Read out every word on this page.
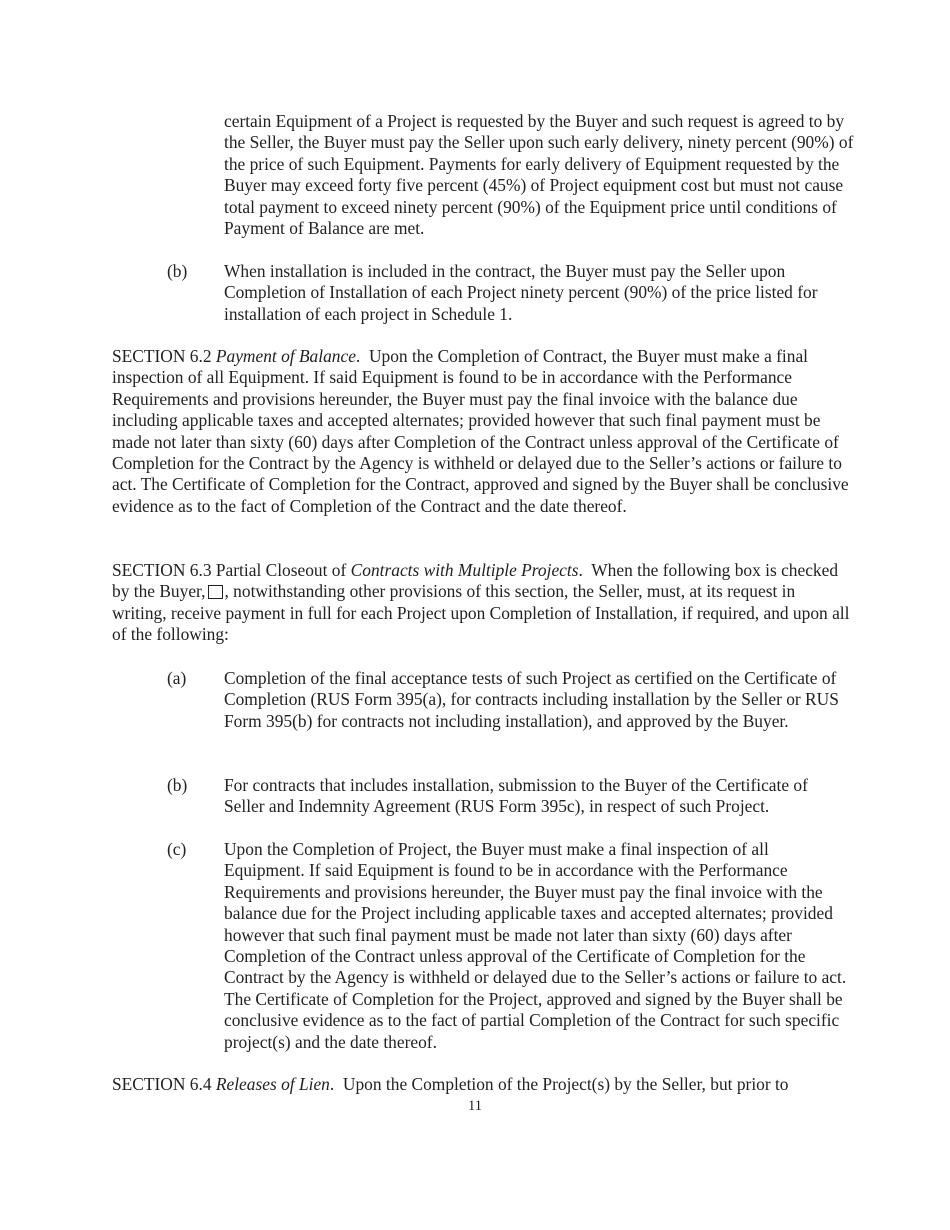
certain Equipment of a Project is requested by the Buyer and such request is agreed to by the Seller, the Buyer must pay the Seller upon such early delivery, ninety percent (90%) of the price of such Equipment. Payments for early delivery of Equipment requested by the Buyer may exceed forty five percent (45%) of Project equipment cost but must not cause total payment to exceed ninety percent (90%) of the Equipment price until conditions of Payment of Balance are met.

(b)	When installation is included in the contract, the Buyer must pay the Seller upon Completion of Installation of each Project ninety percent (90%) of the price listed for installation of each project in Schedule 1.

SECTION 6.2 Payment of Balance. Upon the Completion of Contract, the Buyer must make a final inspection of all Equipment. If said Equipment is found to be in accordance with the Performance Requirements and provisions hereunder, the Buyer must pay the final invoice with the balance due including applicable taxes and accepted alternates; provided however that such final payment must be made not later than sixty (60) days after Completion of the Contract unless approval of the Certificate of Completion for the Contract by the Agency is withheld or delayed due to the Seller’s actions or failure to act. The Certificate of Completion for the Contract, approved and signed by the Buyer shall be conclusive evidence as to the fact of Completion of the Contract and the date thereof.

SECTION 6.3 Partial Closeout of Contracts with Multiple Projects. When the following box is checked by the Buyer, , notwithstanding other provisions of this section, the Seller, must, at its request in writing, receive payment in full for each Project upon Completion of Installation, if required, and upon all of the following:

(a)	Completion of the final acceptance tests of such Project as certified on the Certificate of Completion (RUS Form 395(a), for contracts including installation by the Seller or RUS Form 395(b) for contracts not including installation), and approved by the Buyer.

(b)	For contracts that includes installation, submission to the Buyer of the Certificate of Seller and Indemnity Agreement (RUS Form 395c), in respect of such Project.

(c)	Upon the Completion of Project, the Buyer must make a final inspection of all Equipment. If said Equipment is found to be in accordance with the Performance Requirements and provisions hereunder, the Buyer must pay the final invoice with the balance due for the Project including applicable taxes and accepted alternates; provided however that such final payment must be made not later than sixty (60) days after Completion of the Contract unless approval of the Certificate of Completion for the Contract by the Agency is withheld or delayed due to the Seller’s actions or failure to act. The Certificate of Completion for the Project, approved and signed by the Buyer shall be conclusive evidence as to the fact of partial Completion of the Contract for such specific project(s) and the date thereof.

SECTION 6.4 Releases of Lien. Upon the Completion of the Project(s) by the Seller, but prior to

11
